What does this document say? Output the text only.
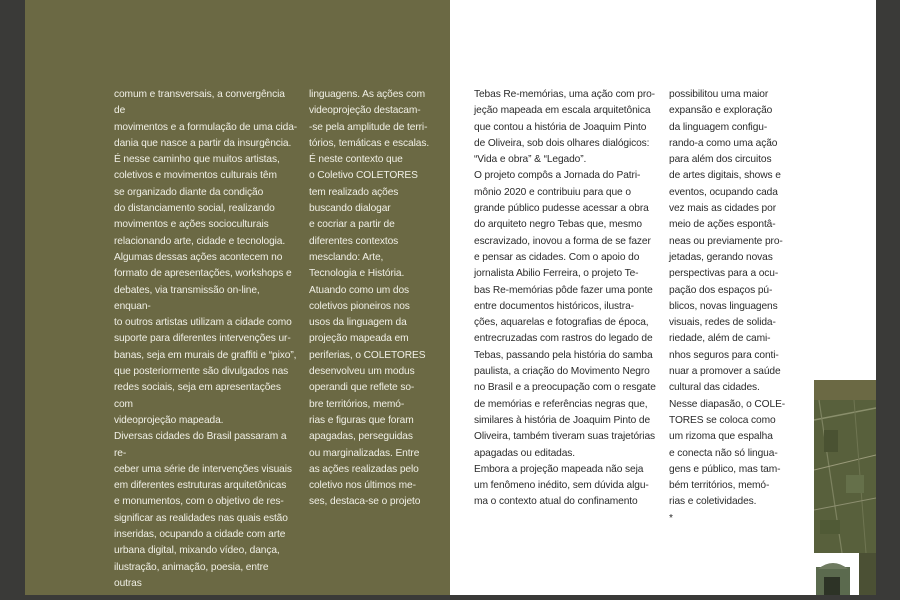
comum e transversais, a convergência de
movimentos e a formulação de uma cida-
dania que nasce a partir da insurgência.
É nesse caminho que muitos artistas,
coletivos e movimentos culturais têm
se organizado diante da condição
do distanciamento social, realizando
movimentos e ações socioculturais
relacionando arte, cidade e tecnologia.
Algumas dessas ações acontecem no
formato de apresentações, workshops e
debates, via transmissão on-line, enquan-
to outros artistas utilizam a cidade como
suporte para diferentes intervenções ur-
banas, seja em murais de graffiti e “pixo”,
que posteriormente são divulgados nas
redes sociais, seja em apresentações com
videoprojeção mapeada.
Diversas cidades do Brasil passaram a re-
ceber uma série de intervenções visuais
em diferentes estruturas arquitetônicas
e monumentos, com o objetivo de res-
significar as realidades nas quais estão
inseridas, ocupando a cidade com arte
urbana digital, mixando vídeo, dança,
ilustração, animação, poesia, entre outras
linguagens. As ações com
videoprojeção destacam-
-se pela amplitude de terri-
tórios, temáticas e escalas.
É neste contexto que
o Coletivo COLETORES
tem realizado ações
buscando dialogar
e cocriar a partir de
diferentes contextos
mesclando: Arte,
Tecnologia e História.
Atuando como um dos
coletivos pioneiros nos
usos da linguagem da
projeção mapeada em
periferias, o COLETORES
desenvolveu um modus
operandi que reflete so-
bre territórios, memó-
rias e figuras que foram
apagadas, perseguidas
ou marginalizadas. Entre
as ações realizadas pelo
coletivo nos últimos me-
ses, destaca-se o projeto
Tebas Re-memórias, uma ação com pro-
jeção mapeada em escala arquitetônica
que contou a história de Joaquim Pinto
de Oliveira, sob dois olhares dialógicos:
“Vida e obra” & “Legado”.
O projeto compôs a Jornada do Patri-
mônio 2020 e contribuiu para que o
grande público pudesse acessar a obra
do arquiteto negro Tebas que, mesmo
escravizado, inovou a forma de se fazer
e pensar as cidades. Com o apoio do
jornalista Abilio Ferreira, o projeto Te-
bas Re-memórias pôde fazer uma ponte
entre documentos históricos, ilustra-
ções, aquarelas e fotografias de época,
entrecruzadas com rastros do legado de
Tebas, passando pela história do samba
paulista, a criação do Movimento Negro
no Brasil e a preocupação com o resgate
de memórias e referências negras que,
similares à história de Joaquim Pinto de
Oliveira, também tiveram suas trajetórias
apagadas ou editadas.
Embora a projeção mapeada não seja
um fenômeno inédito, sem dúvida algu-
ma o contexto atual do confinamento
possibilitou uma maior
expansão e exploração
da linguagem configu-
rando-a como uma ação
para além dos circuitos
de artes digitais, shows e
eventos, ocupando cada
vez mais as cidades por
meio de ações espontâ-
neas ou previamente pro-
jetadas, gerando novas
perspectivas para a ocu-
pação dos espaços pú-
blicos, novas linguagens
visuais, redes de solida-
riedade, além de cami-
nhos seguros para conti-
nuar a promover a saúde
cultural das cidades.
Nesse diapasão, o COLE-
TORES se coloca como
um rizoma que espalha
e conecta não só lingua-
gens e público, mas tam-
bém territórios, memó-
rias e coletividades.
*
